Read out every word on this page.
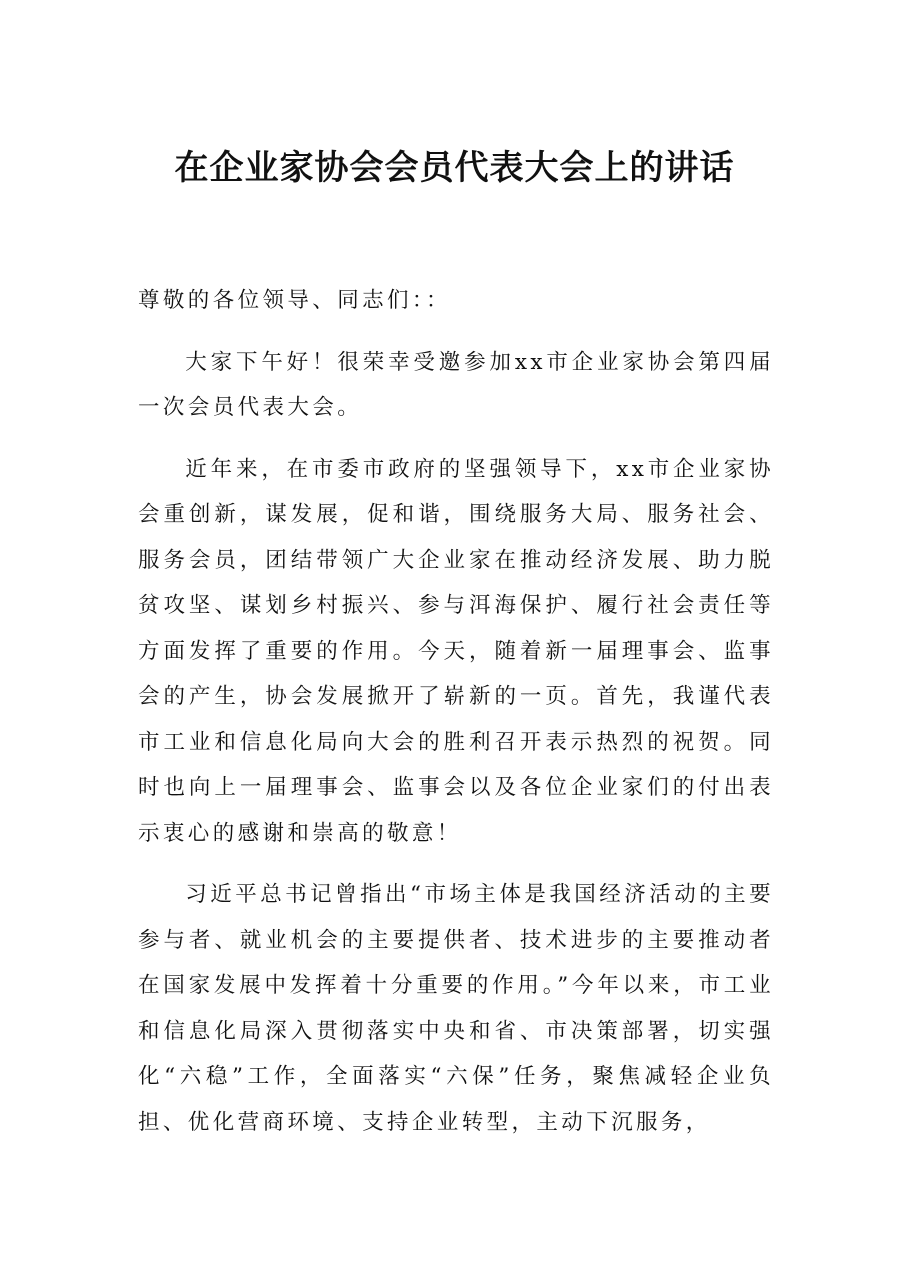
在企业家协会会员代表大会上的讲话

尊敬的各位领导、同志们：：

大家下午好！很荣幸受邀参加xx市企业家协会第四届一次会员代表大会。

近年来，在市委市政府的坚强领导下，xx市企业家协会重创新，谋发展，促和谐，围绕服务大局、服务社会、服务会员，团结带领广大企业家在推动经济发展、助力脱贫攻坚、谋划乡村振兴、参与洱海保护、履行社会责任等方面发挥了重要的作用。今天，随着新一届理事会、监事会的产生，协会发展掀开了崭新的一页。首先，我谨代表市工业和信息化局向大会的胜利召开表示热烈的祝贺。同时也向上一届理事会、监事会以及各位企业家们的付出表示衷心的感谢和崇高的敬意！

习近平总书记曾指出“市场主体是我国经济活动的主要参与者、就业机会的主要提供者、技术进步的主要推动者在国家发展中发挥着十分重要的作用。”今年以来，市工业和信息化局深入贯彻落实中央和省、市决策部署，切实强化“六稳”工作，全面落实“六保”任务，聚焦减轻企业负担、优化营商环境、支持企业转型，主动下沉服务，
